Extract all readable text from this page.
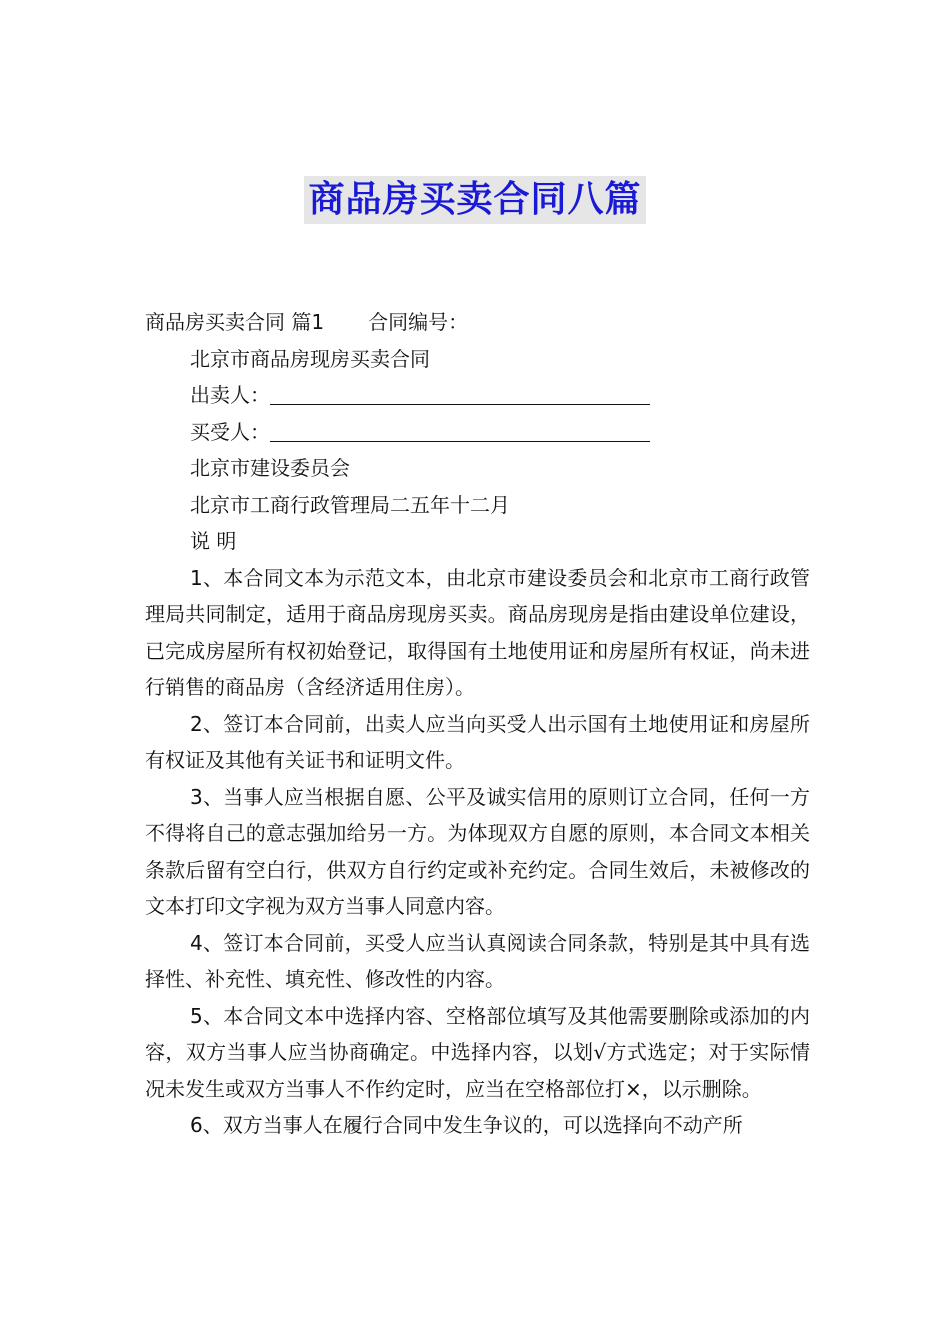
商品房买卖合同八篇
商品房买卖合同 篇1 合同编号：
北京市商品房现房买卖合同
出卖人：
买受人：
北京市建设委员会
北京市工商行政管理局二五年十二月
说 明

1、本合同文本为示范文本，由北京市建设委员会和北京市工商行政管理局共同制定，适用于商品房现房买卖。商品房现房是指由建设单位建设，已完成房屋所有权初始登记，取得国有土地使用证和房屋所有权证，尚未进行销售的商品房（含经济适用住房）。

2、签订本合同前，出卖人应当向买受人出示国有土地使用证和房屋所有权证及其他有关证书和证明文件。

3、当事人应当根据自愿、公平及诚实信用的原则订立合同，任何一方不得将自己的意志强加给另一方。为体现双方自愿的原则，本合同文本相关条款后留有空白行，供双方自行约定或补充约定。合同生效后，未被修改的文本打印文字视为双方当事人同意内容。

4、签订本合同前，买受人应当认真阅读合同条款，特别是其中具有选择性、补充性、填充性、修改性的内容。

5、本合同文本中选择内容、空格部位填写及其他需要删除或添加的内容，双方当事人应当协商确定。中选择内容，以划√方式选定；对于实际情况未发生或双方当事人不作约定时，应当在空格部位打×，以示删除。

6、双方当事人在履行合同中发生争议的，可以选择向不动产所
